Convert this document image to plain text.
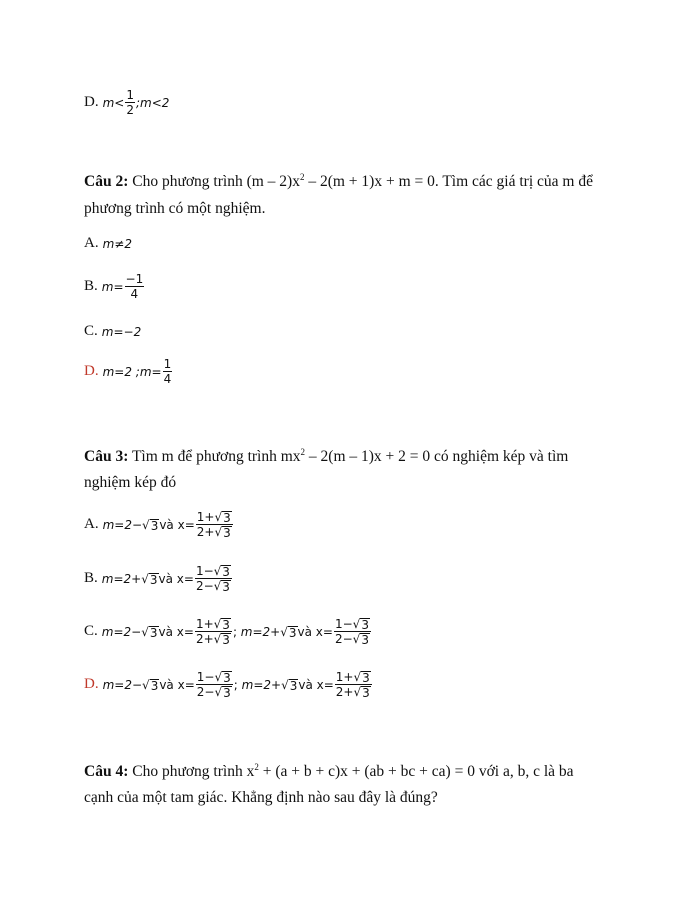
D. $m< \frac{1}{2}$ ;m<2
Câu 2: Cho phương trình $(m - 2)x^2 - 2(m + 1)x + m = 0$. Tìm các giá trị của m để
phương trình có một nghiệm.
A. m≠2
B. $m= \frac{-1}{4}$
C. m=−2
D. m=2 ;m= $\frac{1}{4}$
Câu 3: Tìm m để phương trình $mx^2 - 2(m - 1)x + 2 = 0$ có nghiệm kép và tìm
nghiệm kép đó
A. m=2− √ 3 và $x= \frac{1+ √ 3}{2+ √ 3}$
B. m=2+ √ 3 và $x= \frac{1- √ 3}{2- √ 3}$
C. m=2− √ 3 và $x= \frac{1+ √ 3}{2+ √ 3}$ ; m=2+ √ 3 và $x= \frac{1- √ 3}{2- √ 3}$
D. m=2− √ 3 và $x= \frac{1- √ 3}{2- √ 3}$ ; m=2+ √ 3 và $x= \frac{1+ √ 3}{2+ √ 3}$
Câu 4: Cho phương trình $x^2 + (a + b + c)x + (ab$ + bc + ca) = 0 với a, b, c là ba
cạnh của một tam giác. Khẳng định nào sau đây là đúng?
